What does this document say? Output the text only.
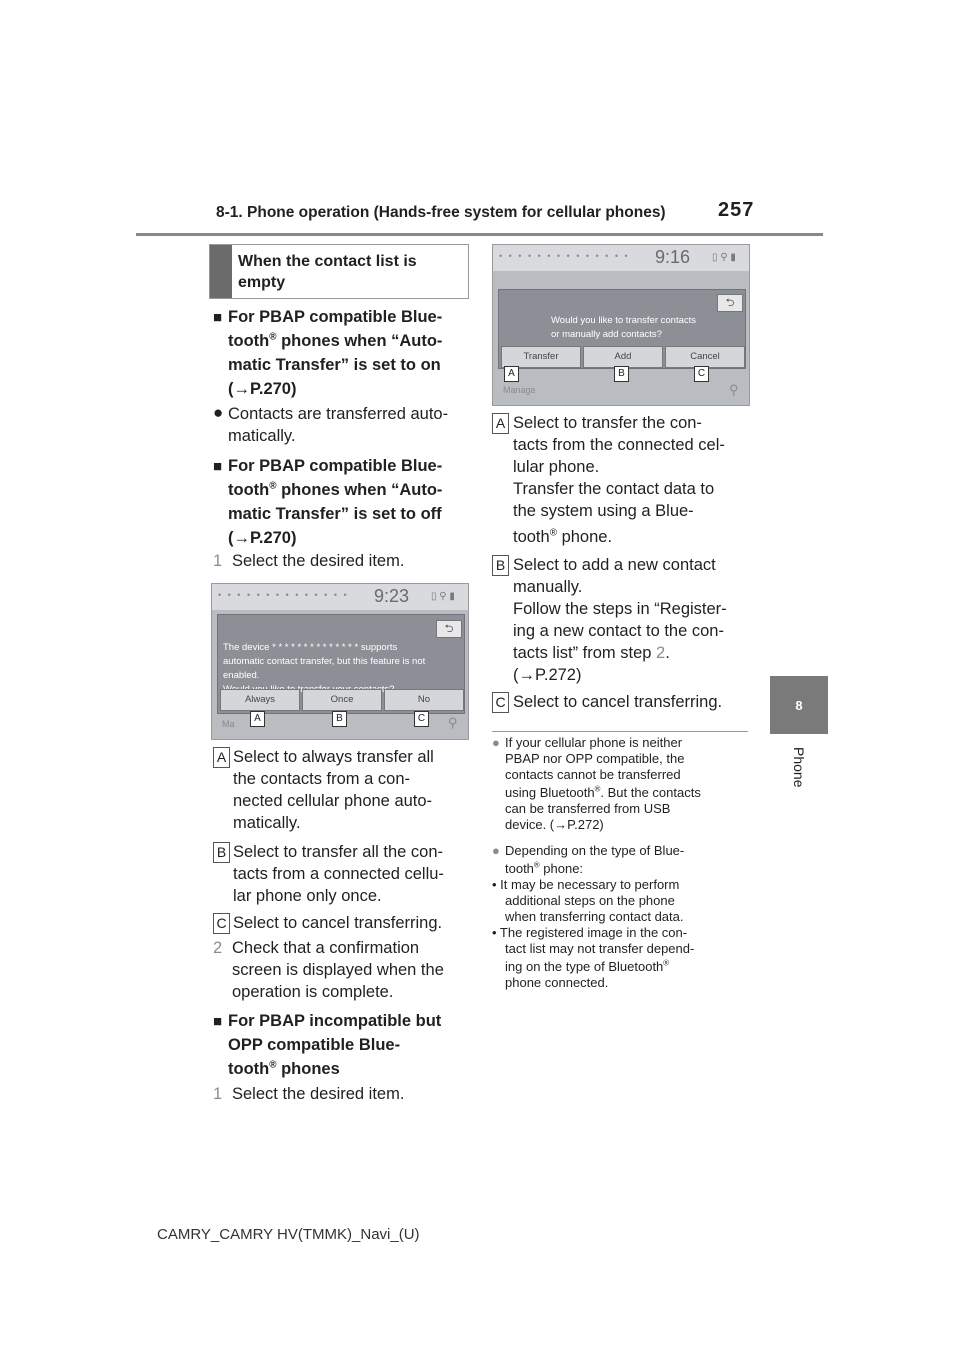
8-1. Phone operation (Hands-free system for cellular phones)	257
8
Phone
When the contact list is
empty
■ For PBAP compatible Blue-
tooth® phones when “Auto-
matic Transfer” is set to on
(→P.270)
● Contacts are transferred auto-
matically.
■ For PBAP compatible Blue-
tooth® phones when “Auto-
matic Transfer” is set to off
(→P.270)
1 Select the desired item.
• • • • • • • • • • • • • • 9:23 ▯ ⚲ ▮
⮌
The device * * * * * * * * * * * * * * supports
automatic contact transfer, but this feature is not enabled.
Always	Once	No
Ma	A	B	C ⚲
A Select to always transfer all
the contacts from a con-
nected cellular phone auto-
matically.
B Select to transfer all the con-
tacts from a connected cellu-
lar phone only once.
C Select to cancel transferring.
2 Check that a confirmation
screen is displayed when the
operation is complete.
■ For PBAP incompatible but
OPP compatible Blue-
tooth® phones
1 Select the desired item.
• • • • • • • • • • • • • • 9:16 ▯ ⚲ ▮
⮌
Would you like to transfer contacts
or manually add contacts?
Transfer	Add	Cancel
Manage
A	B	C
⚲
A Select to transfer the con-
tacts from the connected cel-
lular phone.
Transfer the contact data to
the system using a Blue-
tooth® phone.
B Select to add a new contact
manually.
Follow the steps in “Register-
ing a new contact to the con-
tacts list” from step 2.
(→P.272)
C Select to cancel transferring.
● If your cellular phone is neither
PBAP nor OPP compatible, the
contacts cannot be transferred
using Bluetooth®. But the contacts
can be transferred from USB
device. (→P.272)
● Depending on the type of Blue-
tooth® phone:
• It may be necessary to perform
additional steps on the phone
when transferring contact data.
• The registered image in the con-
tact list may not transfer depend-
ing on the type of Bluetooth®
phone connected.
CAMRY_CAMRY HV(TMMK)_Navi_(U)
